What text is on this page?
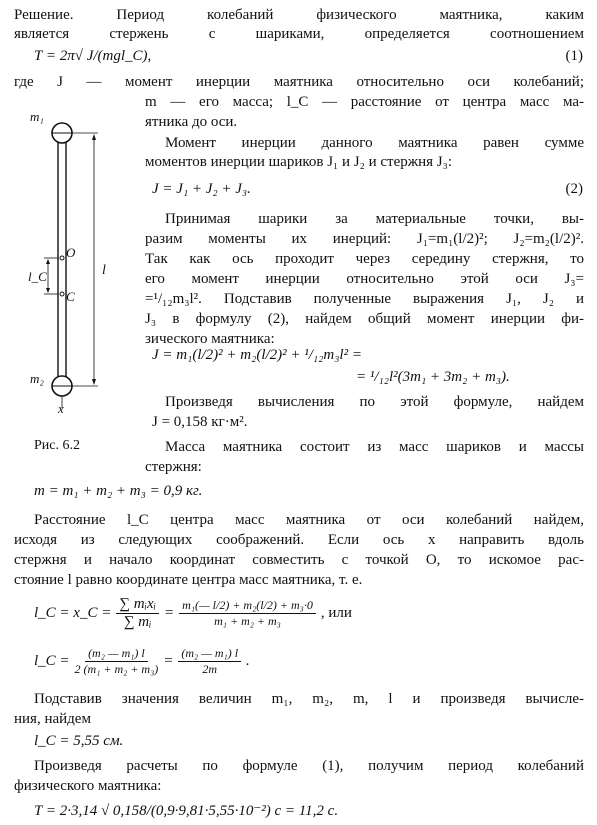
Решение. Период колебаний физического маятника, каким
является стержень с шариками, определяется соотношением
T = 2π√ J/(mgl_C),	(1)
где J — момент инерции маятника относительно оси колебаний;
m — его масса; l_C — расстояние от центра масс ма-
ятника до оси.
Момент инерции данного маятника равен сумме
моментов инерции шариков J₁ и J₂ и стержня J₃:
J = J₁ + J₂ + J₃.	(2)
Принимая шарики за материальные точки, вы-
разим моменты их инерций: J₁=m₁(l/2)²; J₂=m₂(l/2)².
Так как ось проходит через середину стержня, то
его момент инерции относительно этой оси J₃=
=¹/₁₂m₃l². Подставив полученные выражения J₁, J₂ и
J₃ в формулу (2), найдем общий момент инерции фи-
зического маятника:
J = m₁(l/2)² + m₂(l/2)² + ¹/₁₂m₃l² =
= ¹/₁₂l²(3m₁ + 3m₂ + m₃).
Произведя вычисления по этой формуле, найдем
J = 0,158 кг·м².
Рис. 6.2	Масса маятника состоит из масс шариков и массы
стержня:
m = m₁ + m₂ + m₃ = 0,9 кг.
m₁
m₂
O
C
l_C	l
x
Расстояние l_C центра масс маятника от оси колебаний найдем,
исходя из следующих соображений. Если ось x направить вдоль
стержня и начало координат совместить с точкой O, то искомое рас-
стояние l равно координате центра масс маятника, т. е.
l_C = x_C =
∑ mᵢxᵢ
∑ mᵢ
= $\frac{\text{m₁(— l/2) + m₂(l/2) + m₃·0}}{\text{m₁ + m₂ + m₃}}$ , или
l_C = $\frac{\text{(m₂ — m₁) l}}{\text{2 (m₁ + m₂ + m₃)}} = \frac{\text{(m₂ — m₁) l}}{2m}$ .
Подставив значения величин m₁, m₂, m, l и произведя вычисле-
ния, найдем
l_C = 5,55 см.
Произведя расчеты по формуле (1), получим период колебаний
физического маятника:
T = 2·3,14 √ 0,158/(0,9·9,81·5,55·10⁻²) с = 11,2 с.
